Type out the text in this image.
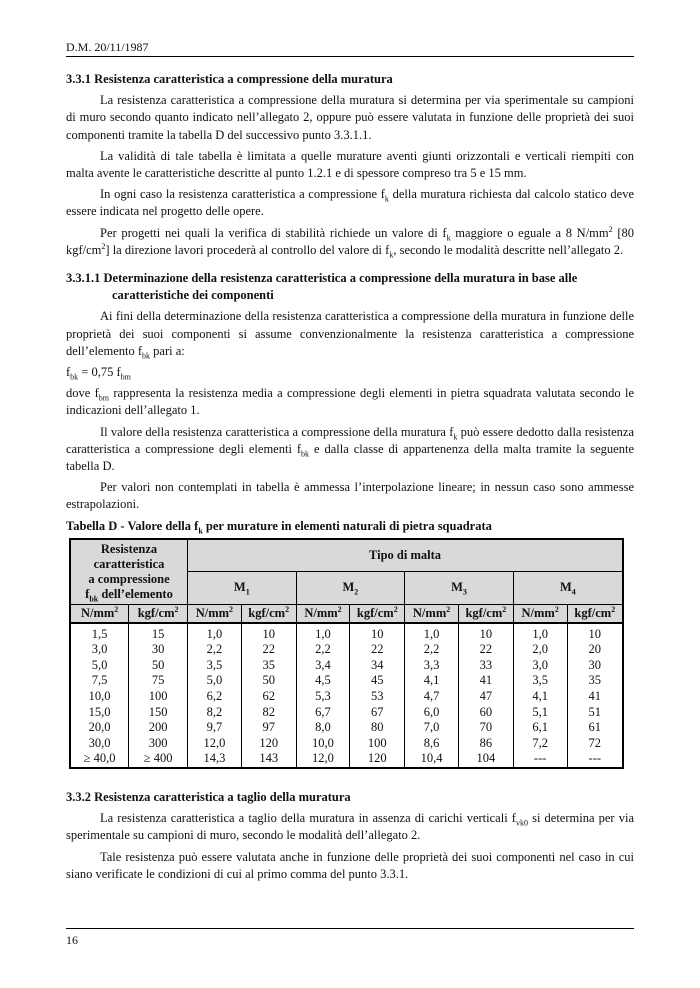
D.M. 20/11/1987

3.3.1 Resistenza caratteristica a compressione della muratura

La resistenza caratteristica a compressione della muratura si determina per via sperimentale su campioni di muro secondo quanto indicato nell’allegato 2, oppure può essere valutata in funzione delle proprietà dei suoi componenti tramite la tabella D del successivo punto 3.3.1.1.

La validità di tale tabella è limitata a quelle murature aventi giunti orizzontali e verticali riempiti con malta avente le caratteristiche descritte al punto 1.2.1 e di spessore compreso tra 5 e 15 mm.

In ogni caso la resistenza caratteristica a compressione $f_k$ della muratura richiesta dal calcolo statico deve essere indicata nel progetto delle opere.

Per progetti nei quali la verifica di stabilità richiede un valore di $f_k$ maggiore o eguale a 8 $N/mm^2$ [80 kgf/$cm^2$] la direzione lavori procederà al controllo del valore di $f_k$, secondo le modalità descritte nell’allegato 2.

3.3.1.1 Determinazione della resistenza caratteristica a compressione della muratura in base alle
caratteristiche dei componenti

Ai fini della determinazione della resistenza caratteristica a compressione della muratura in funzione delle proprietà dei suoi componenti si assume convenzionalmente la resistenza caratteristica a compressione dell’elemento $f_{bk}$ pari a:

$f_{bk} = 0,75$ $f_{bm}$

dove $f_{bm}$ rappresenta la resistenza media a compressione degli elementi in pietra squadrata valutata secondo le indicazioni dell’allegato 1.

Il valore della resistenza caratteristica a compressione della muratura $f_k$ può essere dedotto dalla resistenza caratteristica a compressione degli elementi $f_{bk}$ e dalla classe di appartenenza della malta tramite la seguente tabella D.

Per valori non contemplati in tabella è ammessa l’interpolazione lineare; in nessun caso sono ammesse estrapolazioni.

Tabella D - Valore della $f_k$ per murature in elementi naturali di pietra squadrata

Resistenza
caratteristica
a compressione
$f_{bk}$ dell’elemento		Tipo di malta							
		$M_1$		$M_2$		$M_3$		$M_4$
$N/mm^2$	kgf/$cm^2$	$N/mm^2$	kgf/$cm^2$	$N/mm^2$	kgf/$cm^2$	$N/mm^2$	kgf/$cm^2$	$N/mm^2$	kgf/$cm^2$
1,5	15	1,0	10	1,0	10	1,0	10	1,0	10
3,0	30	2,2	22	2,2	22	2,2	22	2,0	20
5,0	50	3,5	35	3,4	34	3,3	33	3,0	30
7,5	75	5,0	50	4,5	45	4,1	41	3,5	35
10,0	100	6,2	62	5,3	53	4,7	47	4,1	41
15,0	150	8,2	82	6,7	67	6,0	60	5,1	51
20,0	200	9,7	97	8,0	80	7,0	70	6,1	61
30,0	300	12,0	120	10,0	100	8,6	86	7,2	72
≥ 40,0	≥ 400	14,3	143	12,0	120	10,4	104	---	---

3.3.2 Resistenza caratteristica a taglio della muratura

La resistenza caratteristica a taglio della muratura in assenza di carichi verticali $f_{vk0}$ si determina per via sperimentale su campioni di muro, secondo le modalità dell’allegato 2.

Tale resistenza può essere valutata anche in funzione delle proprietà dei suoi componenti nel caso in cui siano verificate le condizioni di cui al primo comma del punto 3.3.1.

16
